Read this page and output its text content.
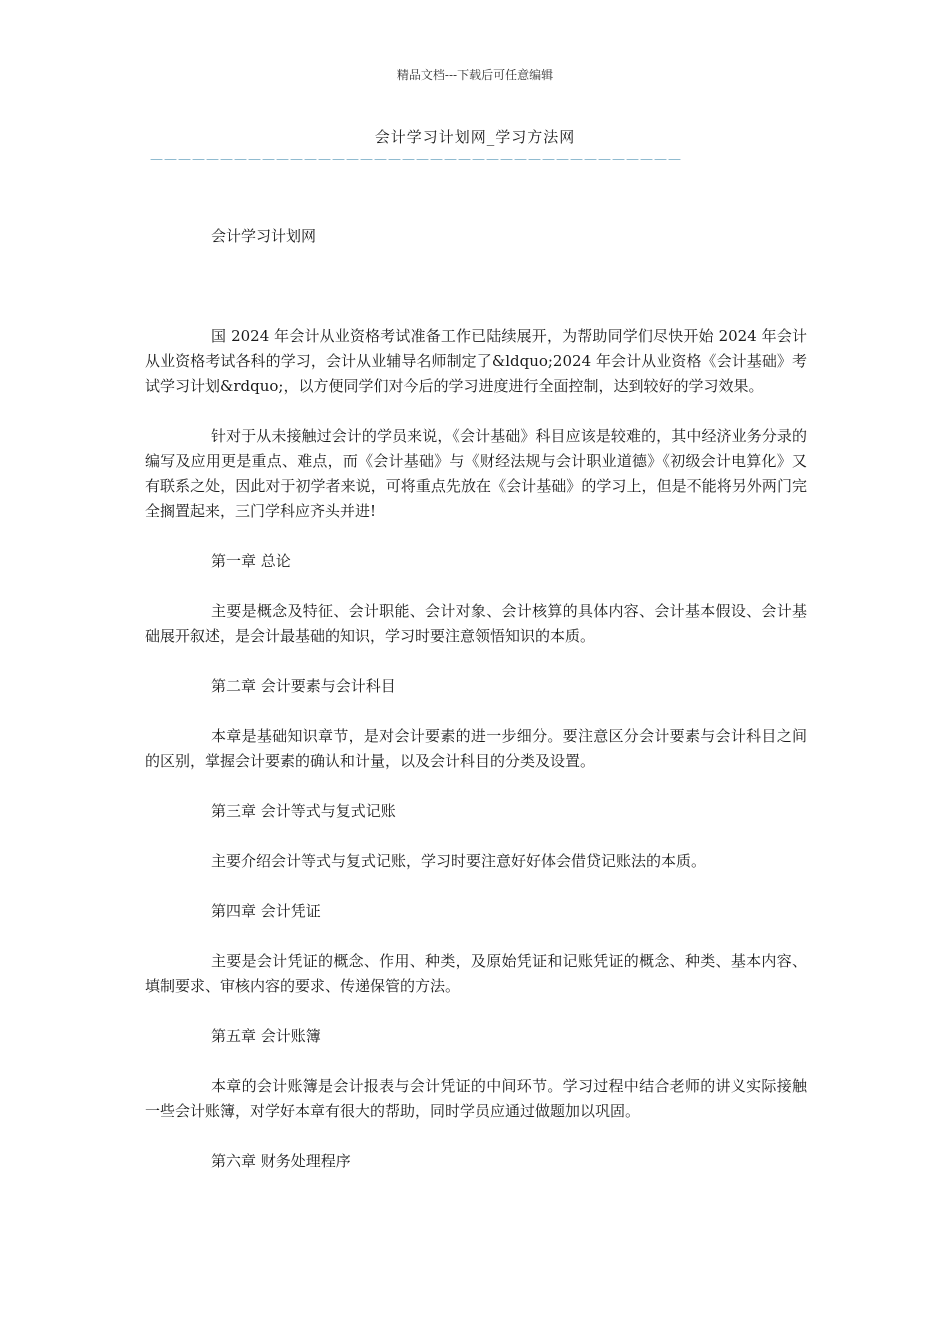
精品文档---下载后可任意编辑
会计学习计划网_学习方法网
——————————————————————————————————————

会计学习计划网

国 2024 年会计从业资格考试准备工作已陆续展开，为帮助同学们尽快开始 2024 年会计从业资格考试各科的学习，会计从业辅导名师制定了&ldquo;2024 年会计从业资格《会计基础》考试学习计划&rdquo;，以方便同学们对今后的学习进度进行全面控制，达到较好的学习效果。

针对于从未接触过会计的学员来说，《会计基础》科目应该是较难的，其中经济业务分录的编写及应用更是重点、难点，而《会计基础》与《财经法规与会计职业道德》《初级会计电算化》又有联系之处，因此对于初学者来说，可将重点先放在《会计基础》的学习上，但是不能将另外两门完全搁置起来，三门学科应齐头并进!

第一章 总论

主要是概念及特征、会计职能、会计对象、会计核算的具体内容、会计基本假设、会计基础展开叙述，是会计最基础的知识，学习时要注意领悟知识的本质。

第二章 会计要素与会计科目

本章是基础知识章节，是对会计要素的进一步细分。要注意区分会计要素与会计科目之间的区别，掌握会计要素的确认和计量，以及会计科目的分类及设置。

第三章 会计等式与复式记账

主要介绍会计等式与复式记账，学习时要注意好好体会借贷记账法的本质。

第四章 会计凭证

主要是会计凭证的概念、作用、种类，及原始凭证和记账凭证的概念、种类、基本内容、填制要求、审核内容的要求、传递保管的方法。

第五章 会计账簿

本章的会计账簿是会计报表与会计凭证的中间环节。学习过程中结合老师的讲义实际接触一些会计账簿，对学好本章有很大的帮助，同时学员应通过做题加以巩固。

第六章 财务处理程序
